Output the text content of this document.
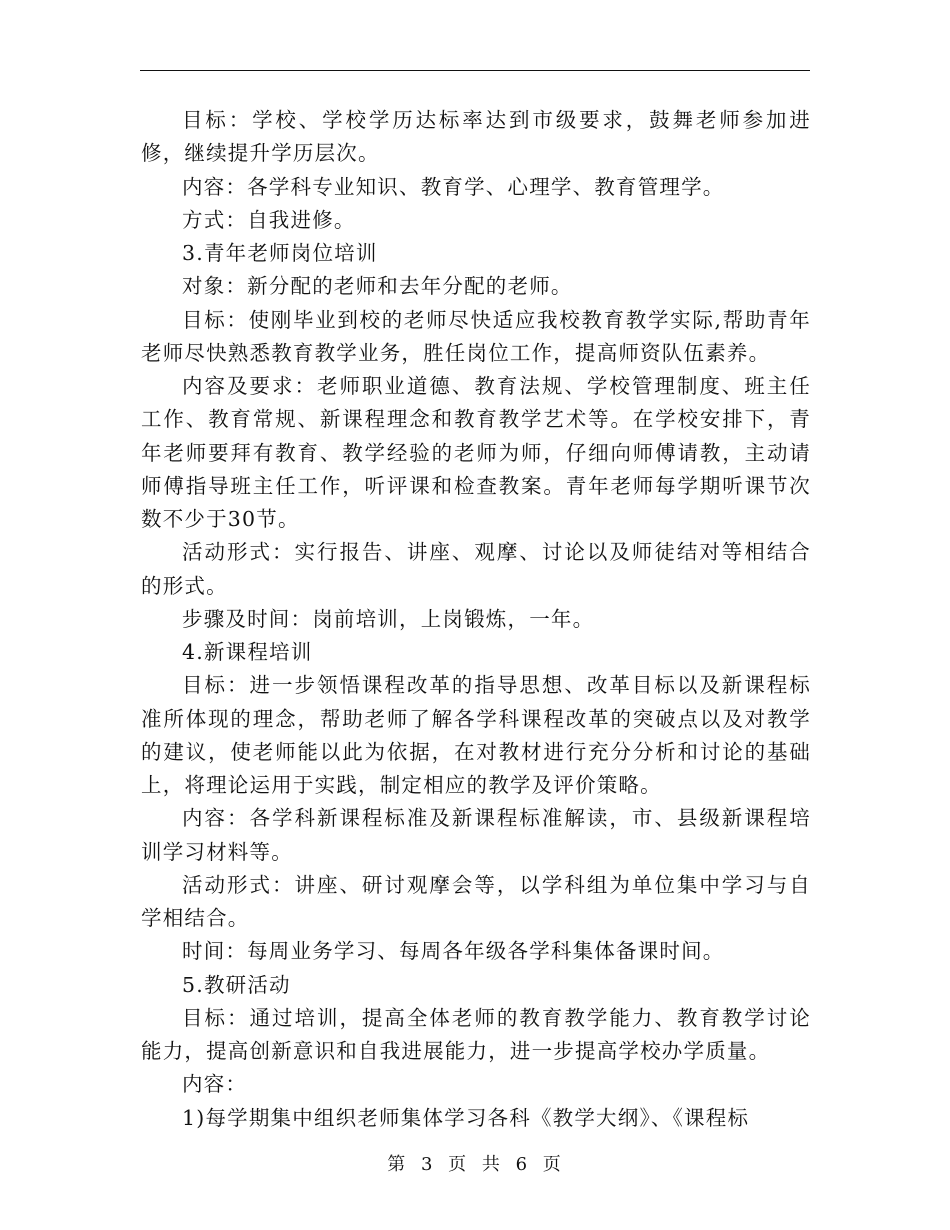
目标：学校、学校学历达标率达到市级要求，鼓舞老师参加进修，继续提升学历层次。

内容：各学科专业知识、教育学、心理学、教育管理学。

方式：自我进修。

3.青年老师岗位培训

对象：新分配的老师和去年分配的老师。

目标：使刚毕业到校的老师尽快适应我校教育教学实际,帮助青年老师尽快熟悉教育教学业务，胜任岗位工作，提高师资队伍素养。

内容及要求：老师职业道德、教育法规、学校管理制度、班主任工作、教育常规、新课程理念和教育教学艺术等。在学校安排下，青年老师要拜有教育、教学经验的老师为师，仔细向师傅请教，主动请师傅指导班主任工作，听评课和检查教案。青年老师每学期听课节次数不少于30节。

活动形式：实行报告、讲座、观摩、讨论以及师徒结对等相结合的形式。

步骤及时间：岗前培训，上岗锻炼，一年。

4.新课程培训

目标：进一步领悟课程改革的指导思想、改革目标以及新课程标准所体现的理念，帮助老师了解各学科课程改革的突破点以及对教学的建议，使老师能以此为依据，在对教材进行充分分析和讨论的基础上，将理论运用于实践，制定相应的教学及评价策略。

内容：各学科新课程标准及新课程标准解读，市、县级新课程培训学习材料等。

活动形式：讲座、研讨观摩会等，以学科组为单位集中学习与自学相结合。

时间：每周业务学习、每周各年级各学科集体备课时间。

5.教研活动

目标：通过培训，提高全体老师的教育教学能力、教育教学讨论能力，提高创新意识和自我进展能力，进一步提高学校办学质量。

内容：

1)每学期集中组织老师集体学习各科《教学大纲》、《课程标

第 3 页 共 6 页
